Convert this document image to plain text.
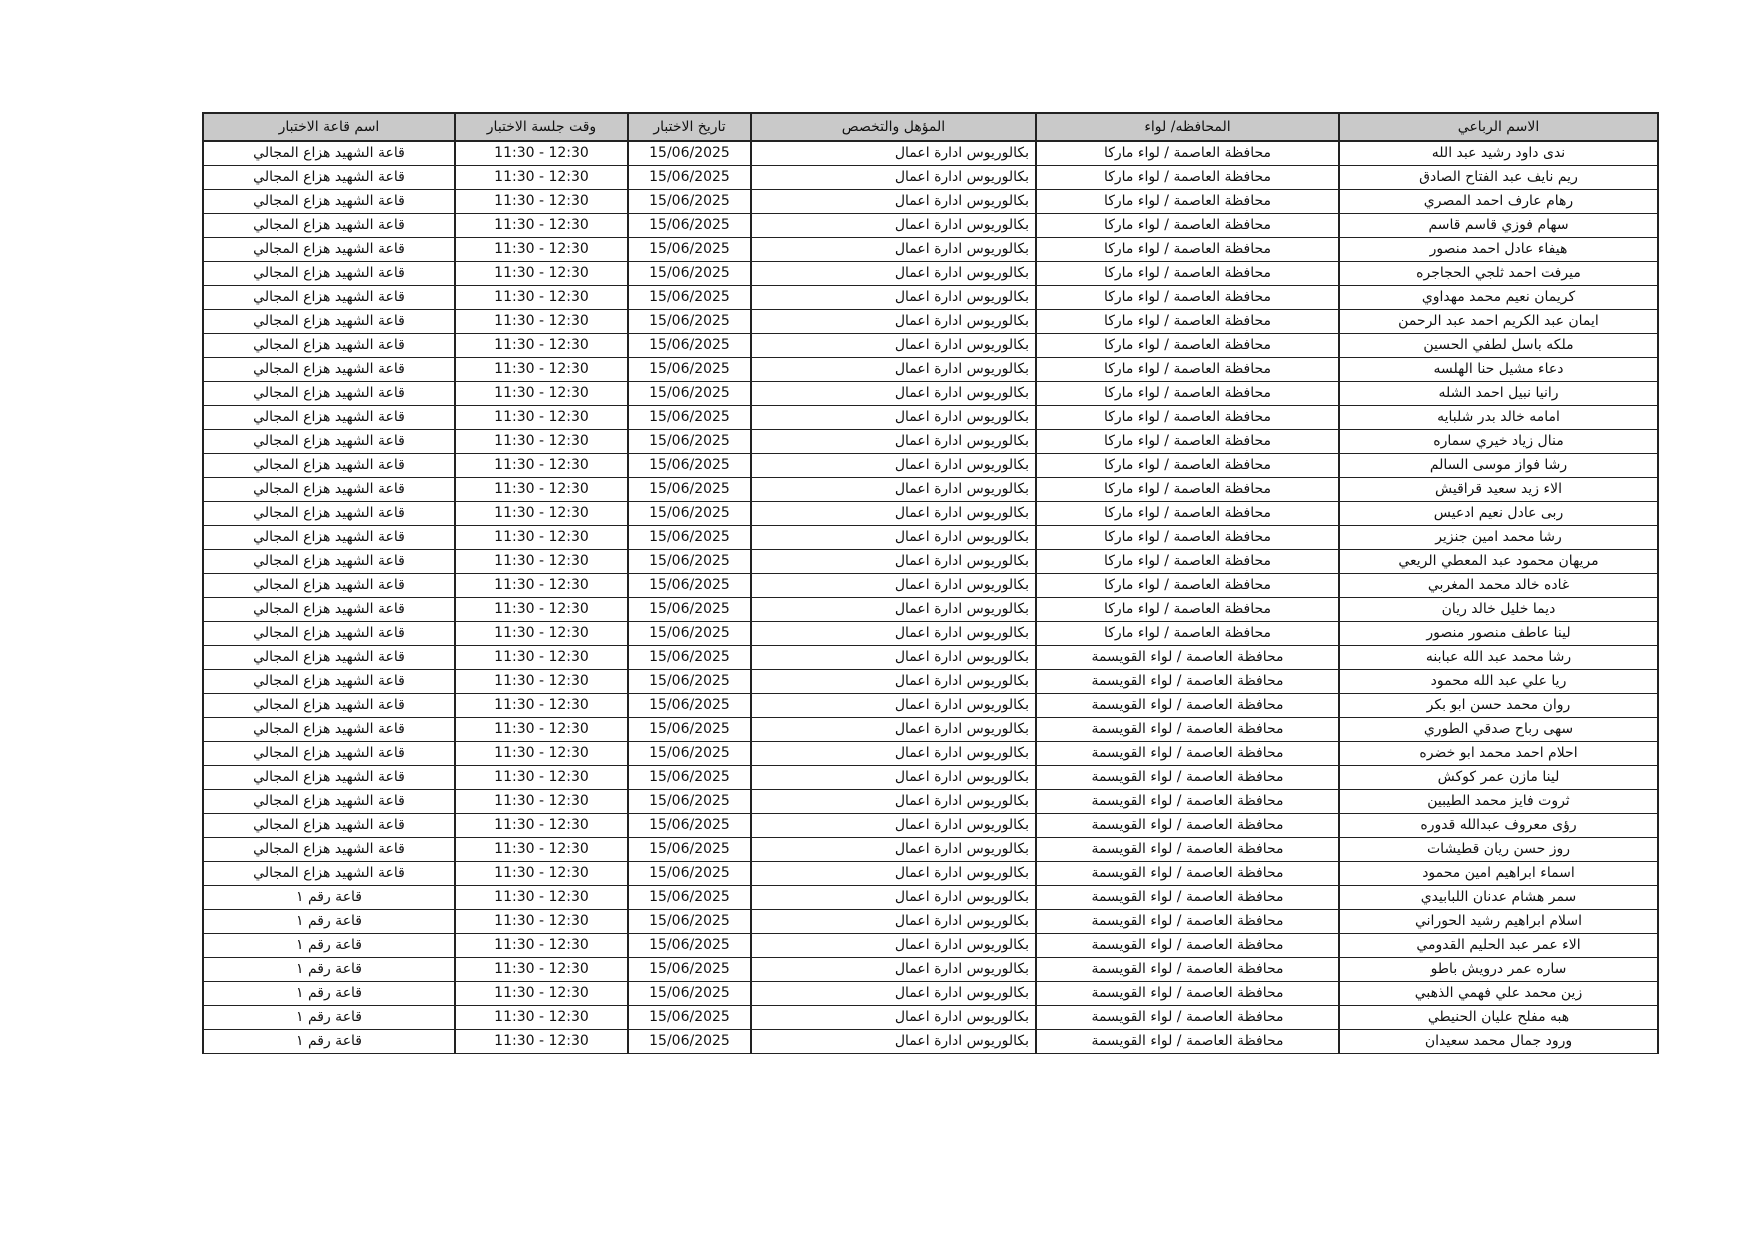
اسم قاعة الاختبار	وقت جلسة الاختبار	تاريخ الاختبار	المؤهل والتخصص	المحافظه/ لواء	الاسم الرباعي
قاعة الشهيد هزاع المجالي	11:30 - 12:30	15/06/2025	بكالوريوس ادارة اعمال	محافظة العاصمة / لواء ماركا	ندى داود رشيد عبد الله
قاعة الشهيد هزاع المجالي	11:30 - 12:30	15/06/2025	بكالوريوس ادارة اعمال	محافظة العاصمة / لواء ماركا	ريم نايف عبد الفتاح الصادق
قاعة الشهيد هزاع المجالي	11:30 - 12:30	15/06/2025	بكالوريوس ادارة اعمال	محافظة العاصمة / لواء ماركا	رهام عارف احمد المصري
قاعة الشهيد هزاع المجالي	11:30 - 12:30	15/06/2025	بكالوريوس ادارة اعمال	محافظة العاصمة / لواء ماركا	سهام فوزي قاسم قاسم
قاعة الشهيد هزاع المجالي	11:30 - 12:30	15/06/2025	بكالوريوس ادارة اعمال	محافظة العاصمة / لواء ماركا	هيفاء عادل احمد منصور
قاعة الشهيد هزاع المجالي	11:30 - 12:30	15/06/2025	بكالوريوس ادارة اعمال	محافظة العاصمة / لواء ماركا	ميرفت احمد ثلجي الحجاجره
قاعة الشهيد هزاع المجالي	11:30 - 12:30	15/06/2025	بكالوريوس ادارة اعمال	محافظة العاصمة / لواء ماركا	كريمان نعيم محمد مهداوي
قاعة الشهيد هزاع المجالي	11:30 - 12:30	15/06/2025	بكالوريوس ادارة اعمال	محافظة العاصمة / لواء ماركا	ايمان عبد الكريم احمد عبد الرحمن
قاعة الشهيد هزاع المجالي	11:30 - 12:30	15/06/2025	بكالوريوس ادارة اعمال	محافظة العاصمة / لواء ماركا	ملكه باسل لطفي الحسين
قاعة الشهيد هزاع المجالي	11:30 - 12:30	15/06/2025	بكالوريوس ادارة اعمال	محافظة العاصمة / لواء ماركا	دعاء مشيل حنا الهلسه
قاعة الشهيد هزاع المجالي	11:30 - 12:30	15/06/2025	بكالوريوس ادارة اعمال	محافظة العاصمة / لواء ماركا	رانيا نبيل احمد الشله
قاعة الشهيد هزاع المجالي	11:30 - 12:30	15/06/2025	بكالوريوس ادارة اعمال	محافظة العاصمة / لواء ماركا	امامه خالد بدر شلبايه
قاعة الشهيد هزاع المجالي	11:30 - 12:30	15/06/2025	بكالوريوس ادارة اعمال	محافظة العاصمة / لواء ماركا	منال زياد خيري سماره
قاعة الشهيد هزاع المجالي	11:30 - 12:30	15/06/2025	بكالوريوس ادارة اعمال	محافظة العاصمة / لواء ماركا	رشا فواز موسى السالم
قاعة الشهيد هزاع المجالي	11:30 - 12:30	15/06/2025	بكالوريوس ادارة اعمال	محافظة العاصمة / لواء ماركا	الاء زيد سعيد قراقيش
قاعة الشهيد هزاع المجالي	11:30 - 12:30	15/06/2025	بكالوريوس ادارة اعمال	محافظة العاصمة / لواء ماركا	ربى عادل نعيم ادعيس
قاعة الشهيد هزاع المجالي	11:30 - 12:30	15/06/2025	بكالوريوس ادارة اعمال	محافظة العاصمة / لواء ماركا	رشا محمد امين جنزير
قاعة الشهيد هزاع المجالي	11:30 - 12:30	15/06/2025	بكالوريوس ادارة اعمال	محافظة العاصمة / لواء ماركا	مريهان محمود عبد المعطي الريعي
قاعة الشهيد هزاع المجالي	11:30 - 12:30	15/06/2025	بكالوريوس ادارة اعمال	محافظة العاصمة / لواء ماركا	غاده خالد محمد المغربي
قاعة الشهيد هزاع المجالي	11:30 - 12:30	15/06/2025	بكالوريوس ادارة اعمال	محافظة العاصمة / لواء ماركا	ديما خليل خالد ريان
قاعة الشهيد هزاع المجالي	11:30 - 12:30	15/06/2025	بكالوريوس ادارة اعمال	محافظة العاصمة / لواء ماركا	لينا عاطف منصور منصور
قاعة الشهيد هزاع المجالي	11:30 - 12:30	15/06/2025	بكالوريوس ادارة اعمال	محافظة العاصمة / لواء القويسمة	رشا محمد عبد الله عبابنه
قاعة الشهيد هزاع المجالي	11:30 - 12:30	15/06/2025	بكالوريوس ادارة اعمال	محافظة العاصمة / لواء القويسمة	ريا علي عبد الله محمود
قاعة الشهيد هزاع المجالي	11:30 - 12:30	15/06/2025	بكالوريوس ادارة اعمال	محافظة العاصمة / لواء القويسمة	روان محمد حسن ابو بكر
قاعة الشهيد هزاع المجالي	11:30 - 12:30	15/06/2025	بكالوريوس ادارة اعمال	محافظة العاصمة / لواء القويسمة	سهى رباح صدقي الطوري
قاعة الشهيد هزاع المجالي	11:30 - 12:30	15/06/2025	بكالوريوس ادارة اعمال	محافظة العاصمة / لواء القويسمة	احلام احمد محمد ابو خضره
قاعة الشهيد هزاع المجالي	11:30 - 12:30	15/06/2025	بكالوريوس ادارة اعمال	محافظة العاصمة / لواء القويسمة	لينا مازن عمر كوكش
قاعة الشهيد هزاع المجالي	11:30 - 12:30	15/06/2025	بكالوريوس ادارة اعمال	محافظة العاصمة / لواء القويسمة	ثروت فايز محمد الطيبين
قاعة الشهيد هزاع المجالي	11:30 - 12:30	15/06/2025	بكالوريوس ادارة اعمال	محافظة العاصمة / لواء القويسمة	رؤى معروف عبدالله قدوره
قاعة الشهيد هزاع المجالي	11:30 - 12:30	15/06/2025	بكالوريوس ادارة اعمال	محافظة العاصمة / لواء القويسمة	روز حسن ريان قطيشات
قاعة الشهيد هزاع المجالي	11:30 - 12:30	15/06/2025	بكالوريوس ادارة اعمال	محافظة العاصمة / لواء القويسمة	اسماء ابراهيم امين محمود
قاعة رقم ١	11:30 - 12:30	15/06/2025	بكالوريوس ادارة اعمال	محافظة العاصمة / لواء القويسمة	سمر هشام عدنان اللبابيدي
قاعة رقم ١	11:30 - 12:30	15/06/2025	بكالوريوس ادارة اعمال	محافظة العاصمة / لواء القويسمة	اسلام ابراهيم رشيد الحوراني
قاعة رقم ١	11:30 - 12:30	15/06/2025	بكالوريوس ادارة اعمال	محافظة العاصمة / لواء القويسمة	الاء عمر عبد الحليم القدومي
قاعة رقم ١	11:30 - 12:30	15/06/2025	بكالوريوس ادارة اعمال	محافظة العاصمة / لواء القويسمة	ساره عمر درويش باطو
قاعة رقم ١	11:30 - 12:30	15/06/2025	بكالوريوس ادارة اعمال	محافظة العاصمة / لواء القويسمة	زين محمد علي فهمي الذهبي
قاعة رقم ١	11:30 - 12:30	15/06/2025	بكالوريوس ادارة اعمال	محافظة العاصمة / لواء القويسمة	هبه مفلح عليان الحنيطي
قاعة رقم ١	11:30 - 12:30	15/06/2025	بكالوريوس ادارة اعمال	محافظة العاصمة / لواء القويسمة	ورود جمال محمد سعيدان
